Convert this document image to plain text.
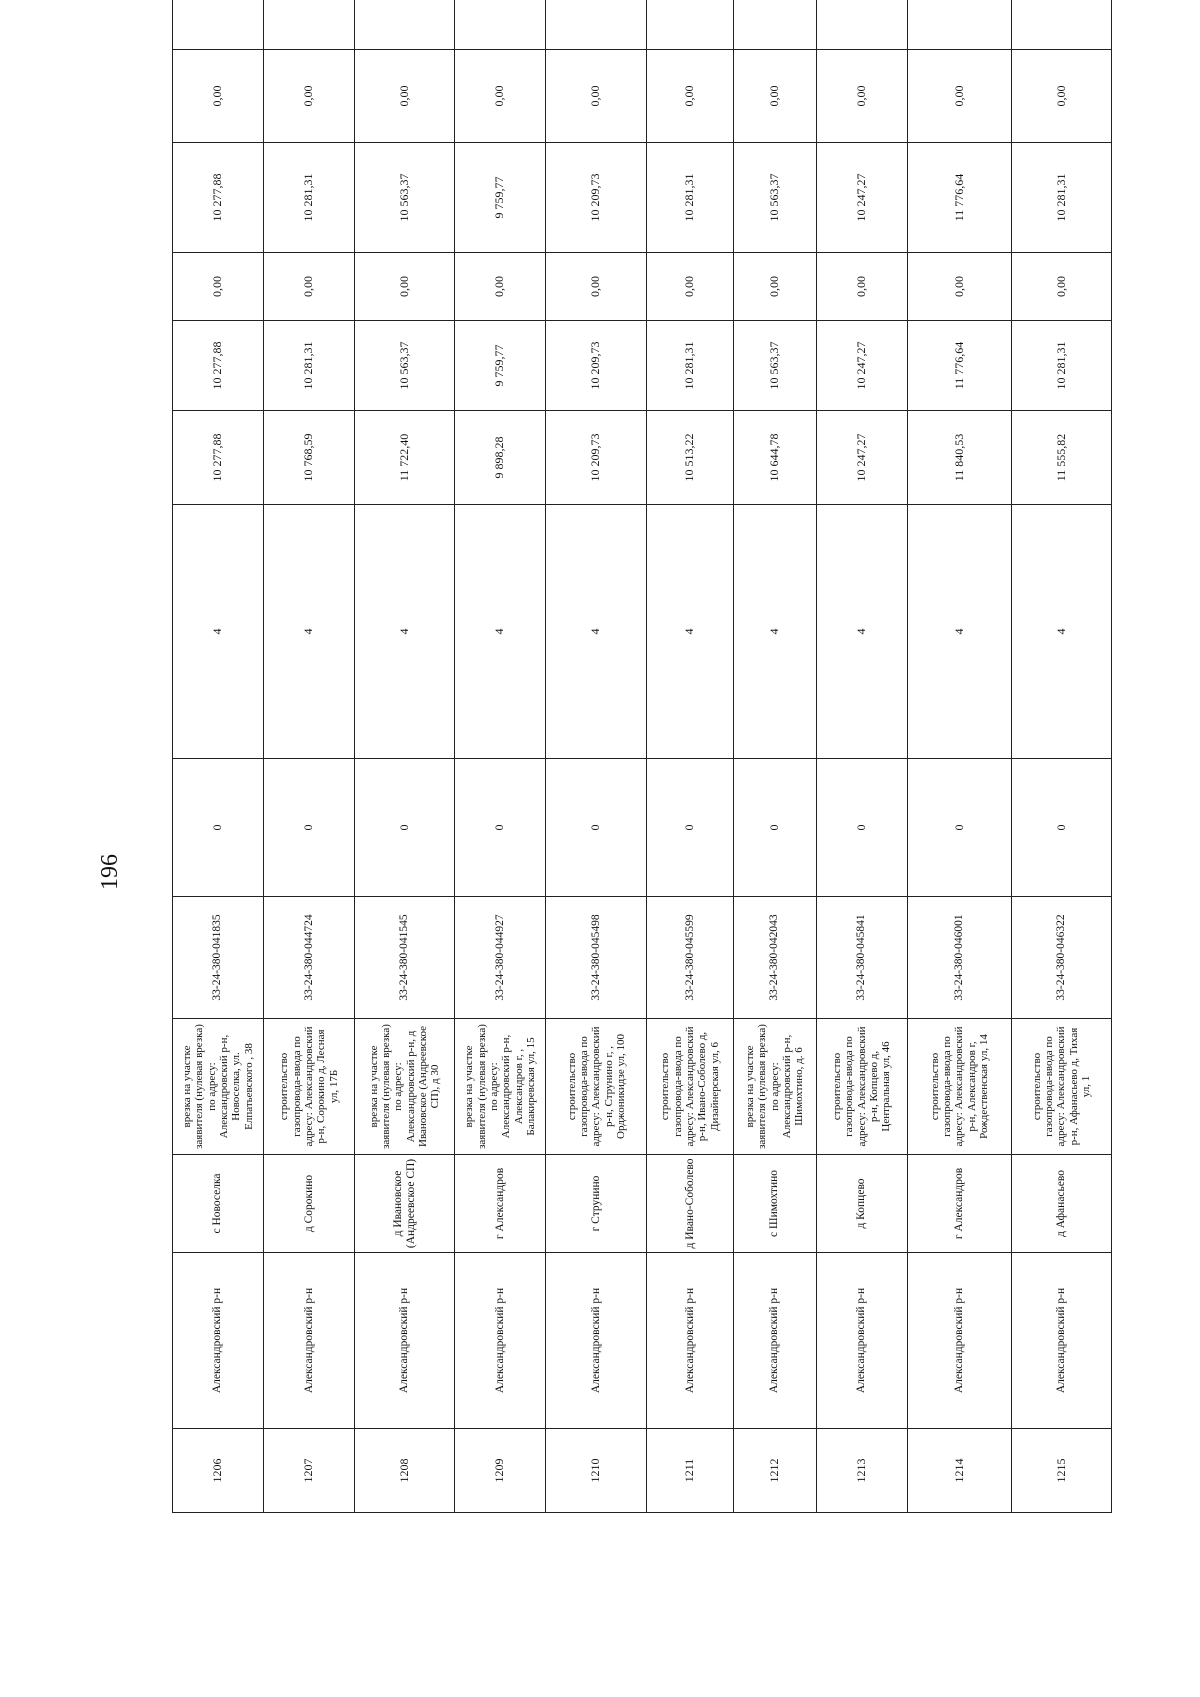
196
1206	Александровский р-н	с Новоселка	врезка на участке заявителя (нулевая врезка) по адресу: Александровский р-н, Новоселка, ул. Елпатьевского , 38	33-24-380-041835	0	4	10 277,88	10 277,88	0,00	10 277,88	0,00	
1207	Александровский р-н	д Сорокино	строительство газопровода-ввода по адресу: Александровский р-н, Сорокино д, Лесная ул, 17Б	33-24-380-044724	0	4	10 768,59	10 281,31	0,00	10 281,31	0,00	
1208	Александровский р-н	д Ивановское (Андреевское СП)	врезка на участке заявителя (нулевая врезка) по адресу: Александровский р-н, д Ивановское (Андреевское СП), д 30	33-24-380-041545	0	4	11 722,40	10 563,37	0,00	10 563,37	0,00	
1209	Александровский р-н	г Александров	врезка на участке заявителя (нулевая врезка) по адресу: Александровский р-н, Александров г, , Балакиревская ул, 15	33-24-380-044927	0	4	9 898,28	9 759,77	0,00	9 759,77	0,00	
1210	Александровский р-н	г Струнино	строительство газопровода-ввода по адресу: Александровский р-н, Струнино г, , Орджоникидзе ул, 100	33-24-380-045498	0	4	10 209,73	10 209,73	0,00	10 209,73	0,00	
1211	Александровский р-н	д Ивано-Соболево	строительство газопровода-ввода по адресу: Александровский р-н, Ивано-Соболево д, Дизайнерская ул, 6	33-24-380-045599	0	4	10 513,22	10 281,31	0,00	10 281,31	0,00	
1212	Александровский р-н	с Шимохтино	врезка на участке заявителя (нулевая врезка) по адресу: Александровский р-н, Шимохтино, д. 6	33-24-380-042043	0	4	10 644,78	10 563,37	0,00	10 563,37	0,00	
1213	Александровский р-н	д Копцево	строительство газопровода-ввода по адресу: Александровский р-н, Копцево д, Центральная ул, 46	33-24-380-045841	0	4	10 247,27	10 247,27	0,00	10 247,27	0,00	
1214	Александровский р-н	г Александров	строительство газопровода-ввода по адресу: Александровский р-н, Александров г, Рождественская ул, 14	33-24-380-046001	0	4	11 840,53	11 776,64	0,00	11 776,64	0,00	
1215	Александровский р-н	д Афанасьево	строительство газопровода-ввода по адресу: Александровский р-н, Афанасьево д, Тихая ул, 1	33-24-380-046322	0	4	11 555,82	10 281,31	0,00	10 281,31	0,00	
